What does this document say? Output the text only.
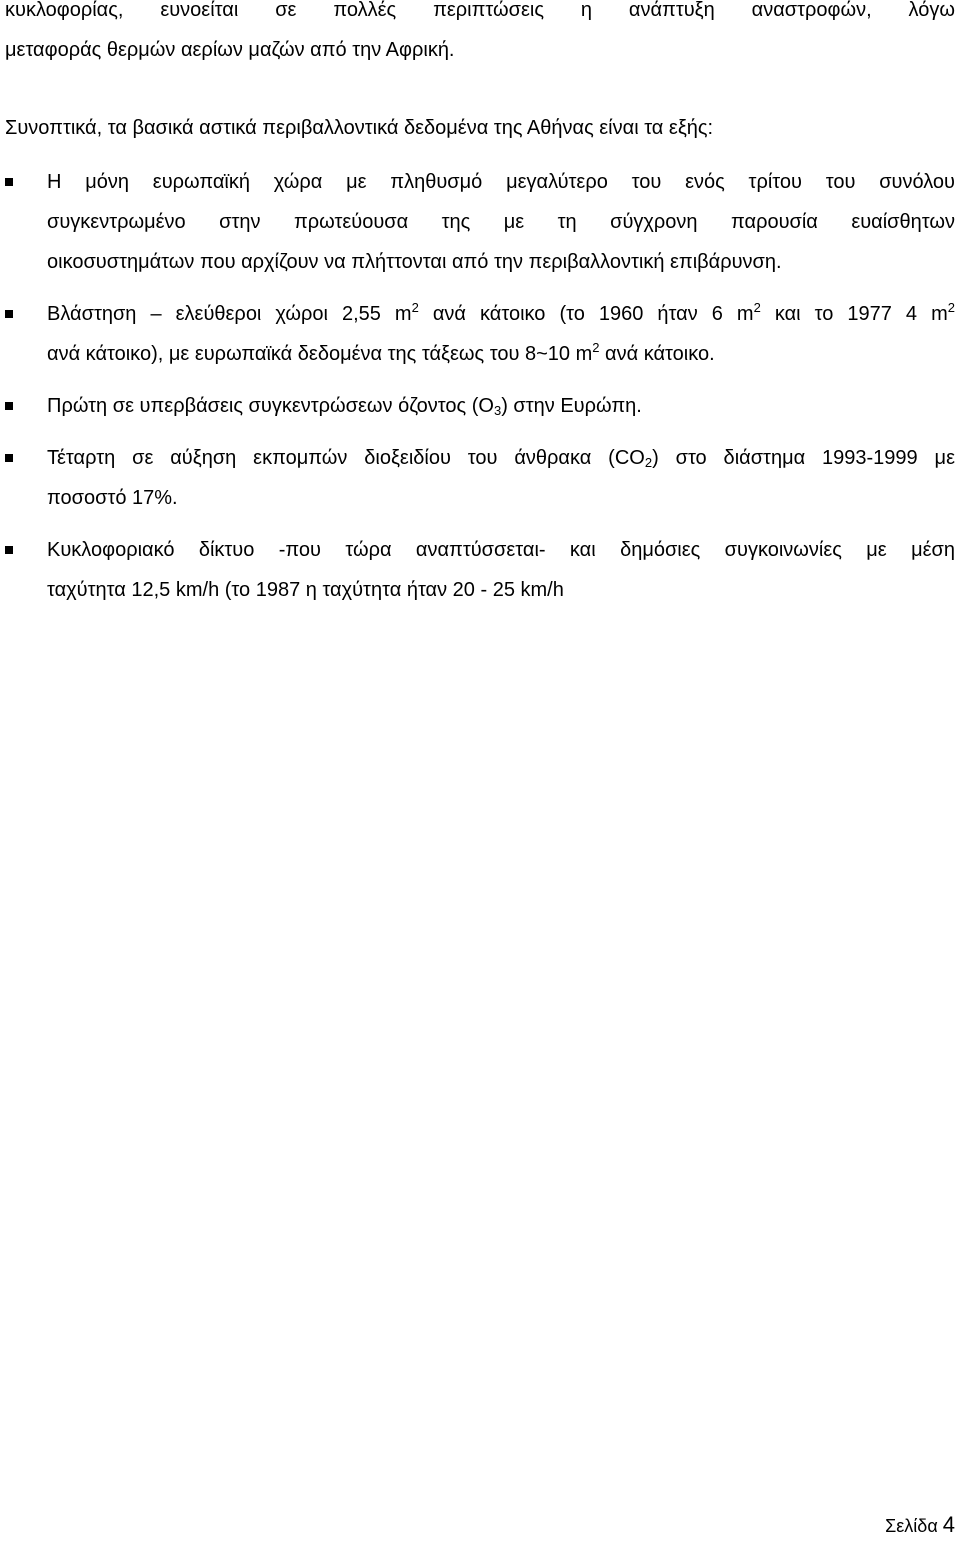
κυκλοφορίας, ευνοείται σε πολλές περιπτώσεις η ανάπτυξη αναστροφών, λόγω
μεταφοράς θερμών αερίων μαζών από την Αφρική.
Συνοπτικά, τα βασικά αστικά περιβαλλοντικά δεδομένα της Αθήνας είναι τα εξής:
Η μόνη ευρωπαϊκή χώρα με πληθυσμό μεγαλύτερο του ενός τρίτου του συνόλου
συγκεντρωμένο στην πρωτεύουσα της με τη σύγχρονη παρουσία ευαίσθητων
οικοσυστημάτων που αρχίζουν να πλήττονται από την περιβαλλοντική επιβάρυνση.
Βλάστηση – ελεύθεροι χώροι 2,55 $m^2$ ανά κάτοικο (το 1960 ήταν 6 $m^2$ και το 1977 4 $m^2$
ανά κάτοικο), με ευρωπαϊκά δεδομένα της τάξεως του 8~10 $m^2$ ανά κάτοικο.
Πρώτη σε υπερβάσεις συγκεντρώσεων όζοντος $(O_3)$ στην Ευρώπη.
Τέταρτη σε αύξηση εκπομπών διοξειδίου του άνθρακα $(CO_2)$ στο διάστημα 1993-1999 με
ποσοστό 17%.
Κυκλοφοριακό δίκτυο -που τώρα αναπτύσσεται- και δημόσιες συγκοινωνίες με μέση
ταχύτητα 12,5 km/h (το 1987 η ταχύτητα ήταν 20 - 25 km/h
Σελίδα 4
